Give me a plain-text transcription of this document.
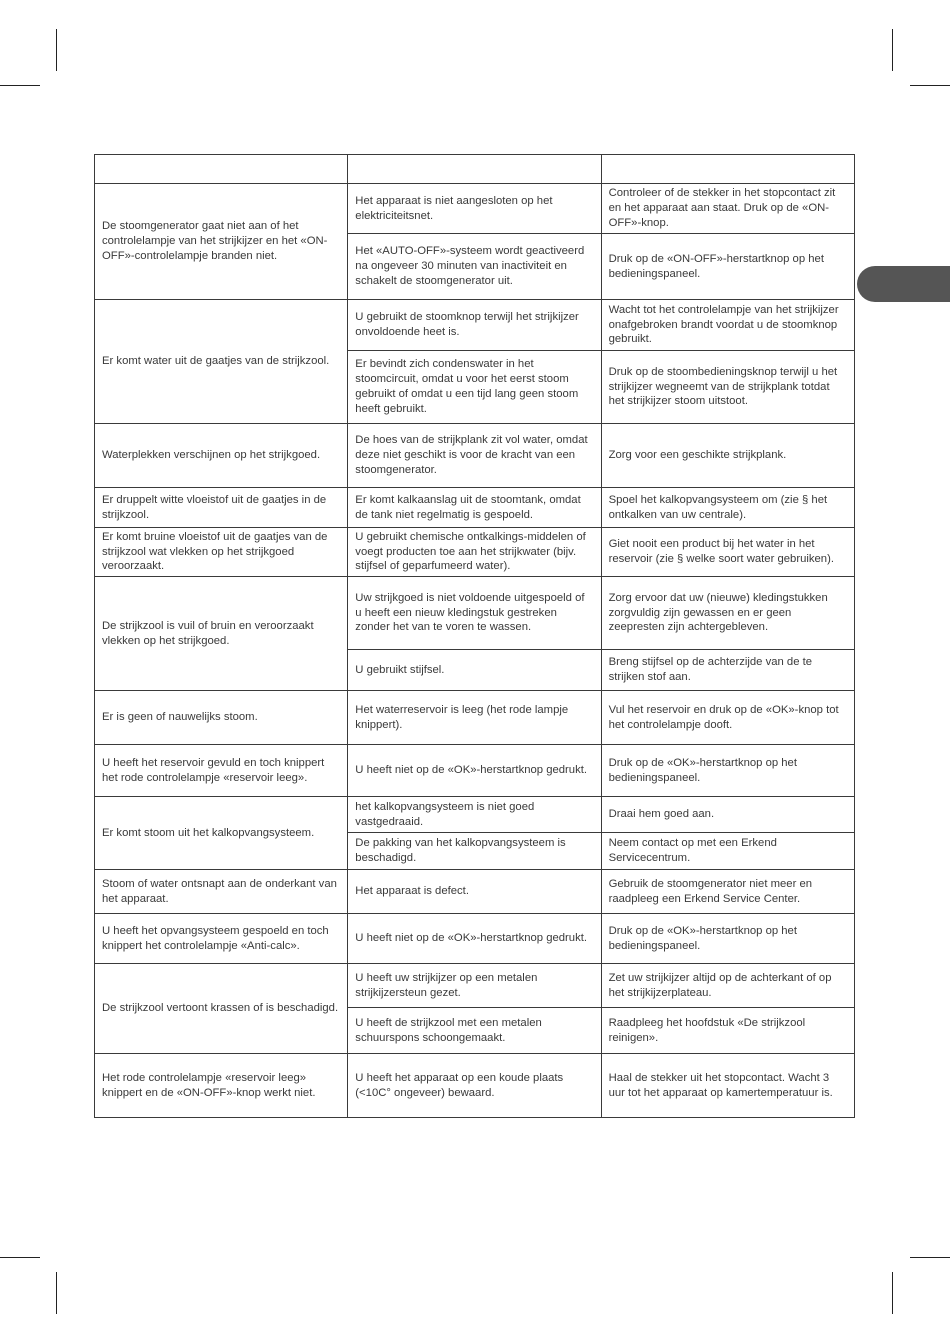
De stoomgenerator gaat niet aan of het controlelampje van het strijkijzer en het «ON-OFF»-controlelampje branden niet.	Het apparaat is niet aangesloten op het elektriciteitsnet.	Controleer of de stekker in het stopcontact zit en het apparaat aan staat. Druk op de «ON-OFF»-knop.
	Het «AUTO-OFF»-systeem wordt geactiveerd na ongeveer 30 minuten van inactiviteit en schakelt de stoomgenerator uit.	Druk op de «ON-OFF»-herstartknop op het bedieningspaneel.
Er komt water uit de gaatjes van de strijkzool.	U gebruikt de stoomknop terwijl het strijkijzer onvoldoende heet is.	Wacht tot het controlelampje van het strijkijzer onafgebroken brandt voordat u de stoomknop gebruikt.
	Er bevindt zich condenswater in het stoomcircuit, omdat u voor het eerst stoom gebruikt of omdat u een tijd lang geen stoom heeft gebruikt.	Druk op de stoombedieningsknop terwijl u het strijkijzer wegneemt van de strijkplank totdat het strijkijzer stoom uitstoot.
Waterplekken verschijnen op het strijkgoed.	De hoes van de strijkplank zit vol water, omdat deze niet geschikt is voor de kracht van een stoomgenerator.	Zorg voor een geschikte strijkplank.
Er druppelt witte vloeistof uit de gaatjes in de strijkzool.	Er komt kalkaanslag uit de stoomtank, omdat de tank niet regelmatig is gespoeld.	Spoel het kalkopvangsysteem om (zie § het ontkalken van uw centrale).
Er komt bruine vloeistof uit de gaatjes van de strijkzool wat vlekken op het strijkgoed veroorzaakt.	U gebruikt chemische ontkalkings-middelen of voegt producten toe aan het strijkwater (bijv. stijfsel of geparfumeerd water).	Giet nooit een product bij het water in het reservoir (zie § welke soort water gebruiken).
De strijkzool is vuil of bruin en veroorzaakt vlekken op het strijkgoed.	Uw strijkgoed is niet voldoende uitgespoeld of u heeft een nieuw kledingstuk gestreken zonder het van te voren te wassen.	Zorg ervoor dat uw (nieuwe) kledingstukken zorgvuldig zijn gewassen en er geen zeepresten zijn achtergebleven.
	U gebruikt stijfsel.	Breng stijfsel op de achterzijde van de te strijken stof aan.
Er is geen of nauwelijks stoom.	Het waterreservoir is leeg (het rode lampje knippert).	Vul het reservoir en druk op de «OK»-knop tot het controlelampje dooft.
U heeft het reservoir gevuld en toch knippert het rode controlelampje «reservoir leeg».	U heeft niet op de «OK»-herstartknop gedrukt.	Druk op de «OK»-herstartknop op het bedieningspaneel.
Er komt stoom uit het kalkopvangsysteem.	het kalkopvangsysteem is niet goed vastgedraaid.	Draai hem goed aan.
	De pakking van het kalkopvangsysteem is beschadigd.	Neem contact op met een Erkend Servicecentrum.
Stoom of water ontsnapt aan de onderkant van het apparaat.	Het apparaat is defect.	Gebruik de stoomgenerator niet meer en raadpleeg een Erkend Service Center.
U heeft het opvangsysteem gespoeld en toch knippert het controlelampje «Anti-calc».	U heeft niet op de «OK»-herstartknop gedrukt.	Druk op de «OK»-herstartknop op het bedieningspaneel.
De strijkzool vertoont krassen of is beschadigd.	U heeft uw strijkijzer op een metalen strijkijzersteun gezet.	Zet uw strijkijzer altijd op de achterkant of op het strijkijzerplateau.
	U heeft de strijkzool met een metalen schuurspons schoongemaakt.	Raadpleeg het hoofdstuk «De strijkzool reinigen».
Het rode controlelampje «reservoir leeg» knippert en de «ON-OFF»-knop werkt niet.	U heeft het apparaat op een koude plaats (<10C° ongeveer) bewaard.	Haal de stekker uit het stopcontact. Wacht 3 uur tot het apparaat op kamertemperatuur is.
